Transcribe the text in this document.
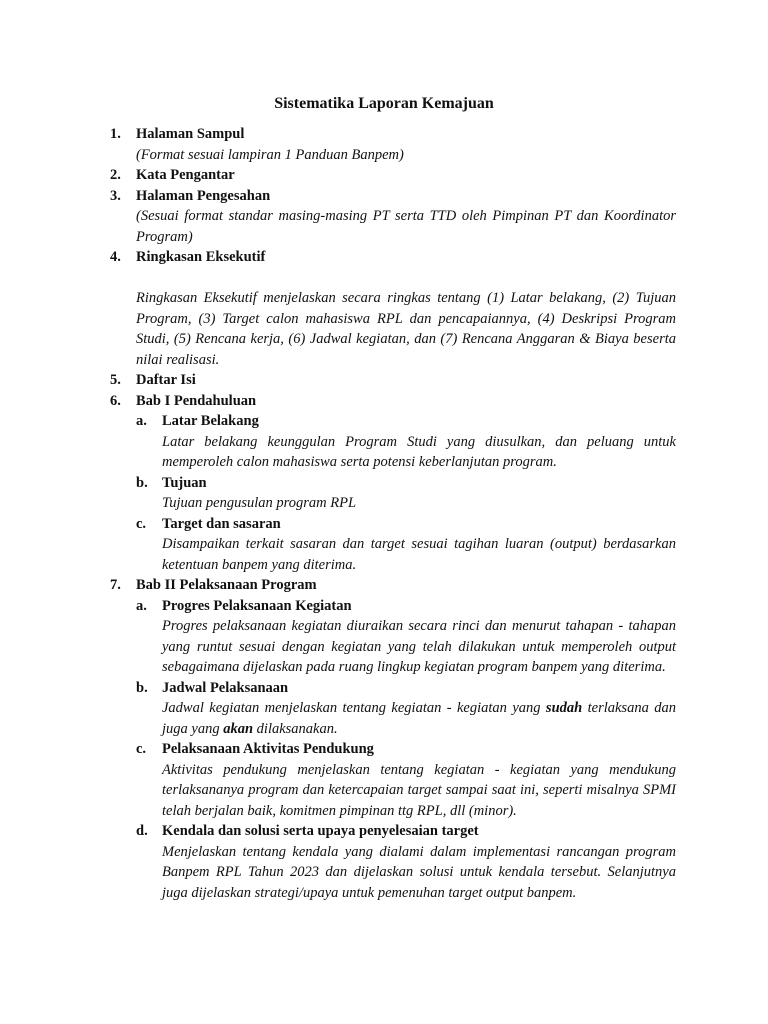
Sistematika Laporan Kemajuan
1. Halaman Sampul
(Format sesuai lampiran 1 Panduan Banpem)
2. Kata Pengantar
3. Halaman Pengesahan
(Sesuai format standar masing-masing PT serta TTD oleh Pimpinan PT dan Koordinator Program)
4. Ringkasan Eksekutif
Ringkasan Eksekutif menjelaskan secara ringkas tentang (1) Latar belakang, (2) Tujuan Program, (3) Target calon mahasiswa RPL dan pencapaiannya, (4) Deskripsi Program Studi, (5) Rencana kerja, (6) Jadwal kegiatan, dan (7) Rencana Anggaran & Biaya beserta nilai realisasi.
5. Daftar Isi
6. Bab I Pendahuluan
a. Latar Belakang
Latar belakang keunggulan Program Studi yang diusulkan, dan peluang untuk memperoleh calon mahasiswa serta potensi keberlanjutan program.
b. Tujuan
Tujuan pengusulan program RPL
c. Target dan sasaran
Disampaikan terkait sasaran dan target sesuai tagihan luaran (output) berdasarkan ketentuan banpem yang diterima.
7. Bab II Pelaksanaan Program
a. Progres Pelaksanaan Kegiatan
Progres pelaksanaan kegiatan diuraikan secara rinci dan menurut tahapan - tahapan yang runtut sesuai dengan kegiatan yang telah dilakukan untuk memperoleh output sebagaimana dijelaskan pada ruang lingkup kegiatan program banpem yang diterima.
b. Jadwal Pelaksanaan
Jadwal kegiatan menjelaskan tentang kegiatan - kegiatan yang sudah terlaksana dan juga yang akan dilaksanakan.
c. Pelaksanaan Aktivitas Pendukung
Aktivitas pendukung menjelaskan tentang kegiatan - kegiatan yang mendukung terlaksananya program dan ketercapaian target sampai saat ini, seperti misalnya SPMI telah berjalan baik, komitmen pimpinan ttg RPL, dll (minor).
d. Kendala dan solusi serta upaya penyelesaian target
Menjelaskan tentang kendala yang dialami dalam implementasi rancangan program Banpem RPL Tahun 2023 dan dijelaskan solusi untuk kendala tersebut. Selanjutnya juga dijelaskan strategi/upaya untuk pemenuhan target output banpem.
